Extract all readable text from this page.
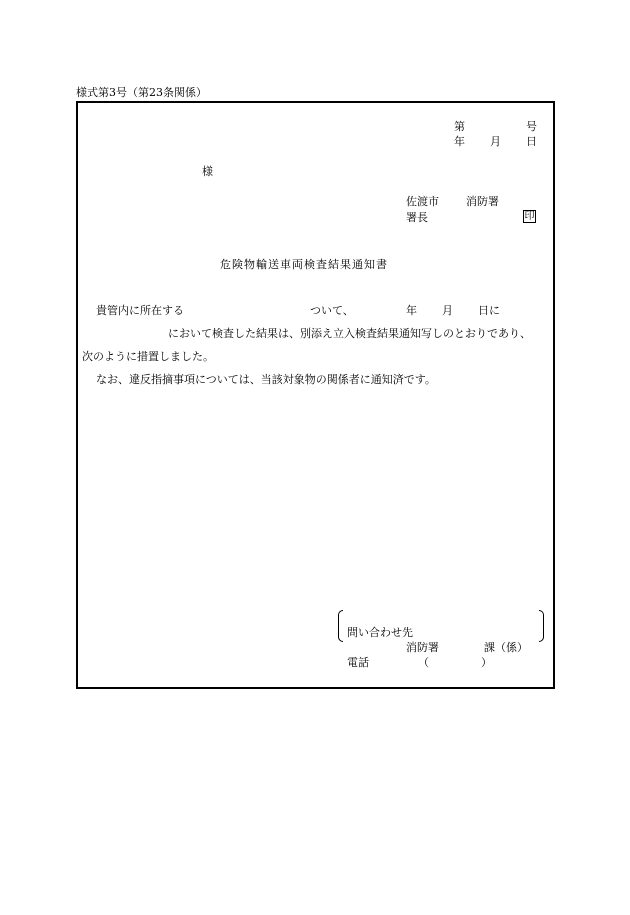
様式第3号（第23条関係）
第	号
年 月 日
様
佐渡市 消防署
署長	印
危険物輸送車両検査結果通知書
貴管内に所在する	ついて、	年 月 日に
において検査した結果は、別添え立入検査結果通知写しのとおりであり、
次のように措置しました。
なお、違反指摘事項については、当該対象物の関係者に通知済です。
問い合わせ先
消防署	課（係）
電話	（	）
